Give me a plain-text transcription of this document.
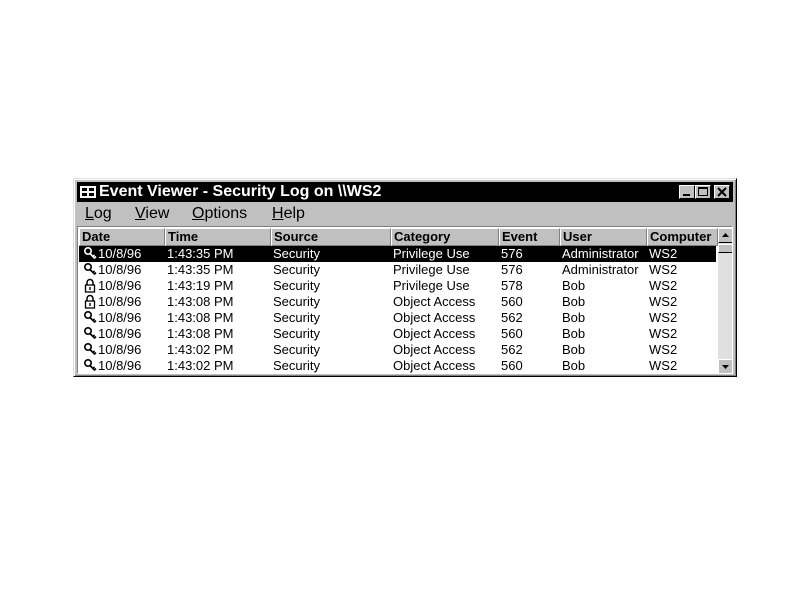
Event Viewer - Security Log on \\WS2
Log View Options Help
Date	Time	Source	Category	Event	User	Computer
10/8/96 1:43:35 PM	Security	Privilege Use 576	Administrator WS2
10/8/96 1:43:35 PM	Security	Privilege Use 576	Administrator WS2
10/8/96 1:43:19 PM	Security	Privilege Use 578	Bob	WS2
10/8/96 1:43:08 PM	Security	Object Access 560	Bob	WS2
10/8/96 1:43:08 PM	Security	Object Access 562	Bob	WS2
10/8/96 1:43:08 PM	Security	Object Access 560	Bob	WS2
10/8/96 1:43:02 PM	Security	Object Access 562	Bob	WS2
10/8/96 1:43:02 PM	Security	Object Access 560	Bob	WS2
